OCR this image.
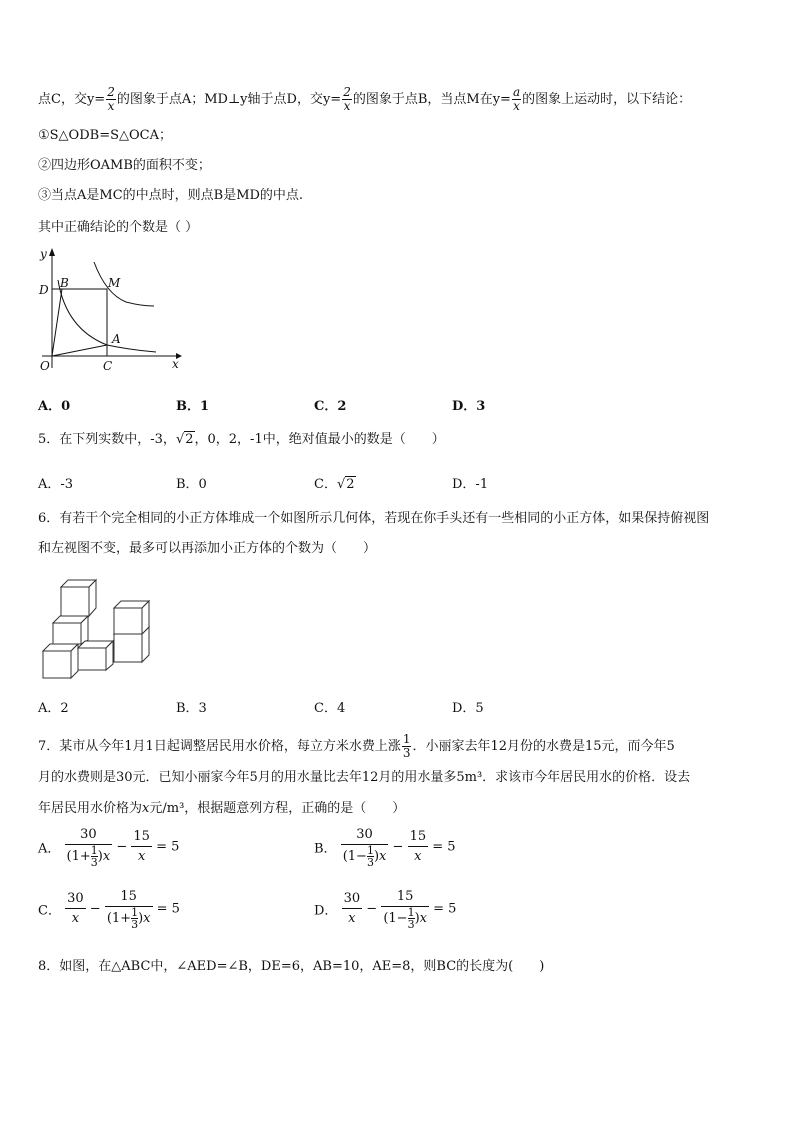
点C，交$y= \frac{2}{x}$ 的图象于点A；MD⊥y轴于点D，交$y= \frac{2}{x}$ 的图象于点B，当点M在$y= \frac{a}{x}$ 的图象上运动时，以下结论：
①S△ODB=S△OCA；
②四边形OAMB的面积不变；
③当点A是MC的中点时，则点B是MD的中点.
其中正确结论的个数是（ ）
y
x
O	C
D B	M
A
A．0	B．1	C．2	D．3
5．在下列实数中，-3，√2，0，2，-1中，绝对值最小的数是（　　）
A．-3	B．0	C．√2	D．-1
6．有若干个完全相同的小正方体堆成一个如图所示几何体，若现在你手头还有一些相同的小正方体，如果保持俯视图
和左视图不变，最多可以再添加小正方体的个数为（　　）
A．2	B．3	C．4	D．5
7．某市从今年1月1日起调整居民用水价格，每立方米水费上涨 $\frac{1}{3}$ ．小丽家去年12月份的水费是15元，而今年5
月的水费则是30元．已知小丽家今年5月的用水量比去年12月的用水量多5m³．求该市今年居民用水的价格．设去
年居民用水价格为x元/m³，根据题意列方程，正确的是（　　）
A． $\frac{30}{(1+ \frac{1}{3} )x} - \frac{15}{x} = 5$	B． $\frac{30}{(1- \frac{1}{3} )x} - \frac{15}{x} = 5$
C． $\frac{30}{x} - \frac{15}{(1+ \frac{1}{3} )x} = 5$	D． $\frac{30}{x} - \frac{15}{(1- \frac{1}{3} )x} = 5$
8．如图，在△ABC中，∠AED=∠B，DE=6，AB=10，AE=8，则BC的长度为(　　)
